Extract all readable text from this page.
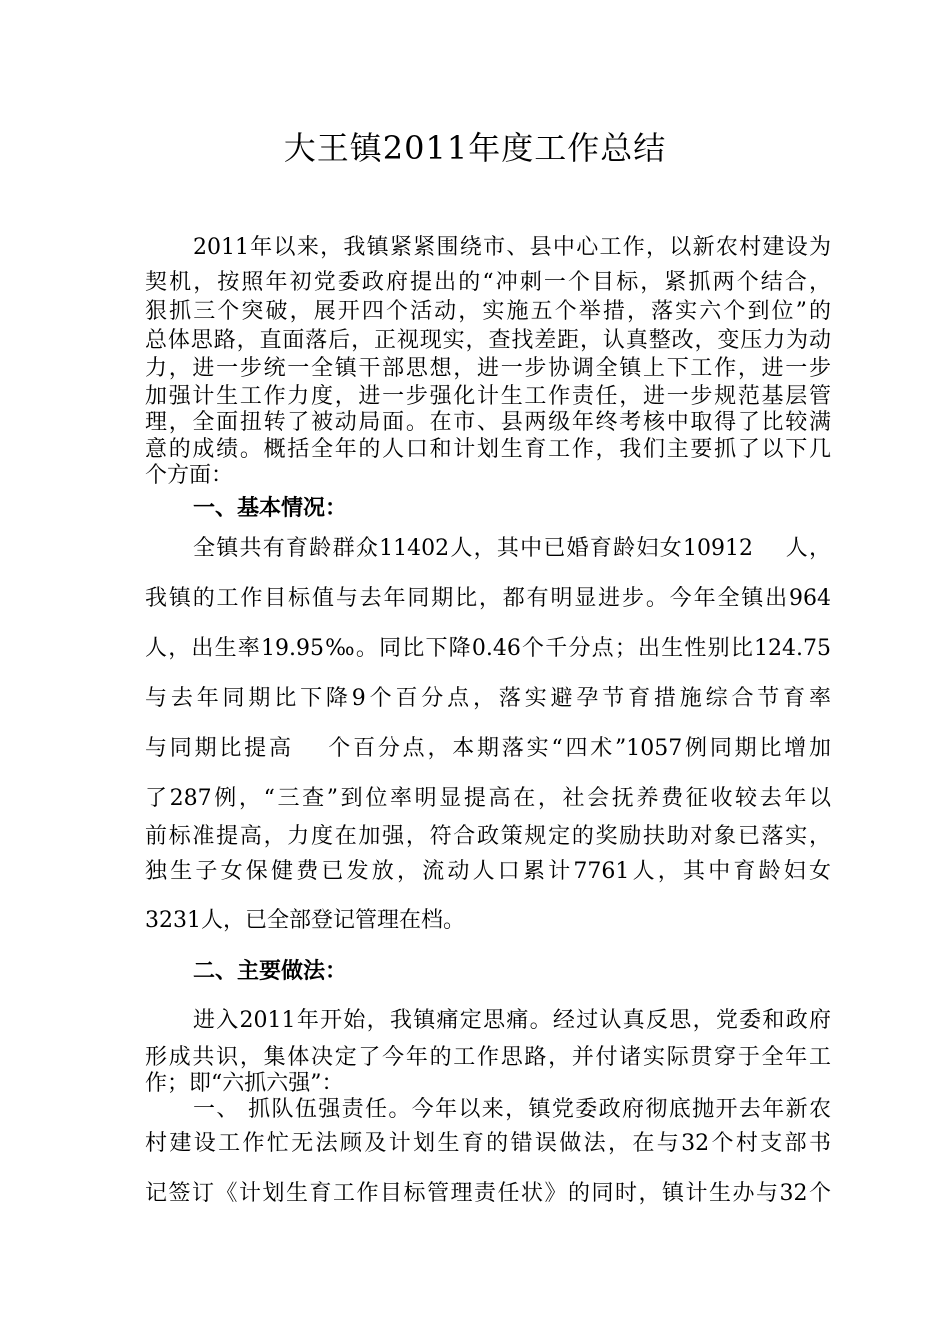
大王镇2011年度工作总结
2011年以来，我镇紧紧围绕市、县中心工作，以新农村建设为
契机，按照年初党委政府提出的“冲刺一个目标，紧抓两个结合，
狠抓三个突破，展开四个活动，实施五个举措，落实六个到位”的
总体思路，直面落后，正视现实，查找差距，认真整改，变压力为动
力，进一步统一全镇干部思想，进一步协调全镇上下工作，进一步
加强计生工作力度，进一步强化计生工作责任，进一步规范基层管
理，全面扭转了被动局面。在市、县两级年终考核中取得了比较满
意的成绩。概括全年的人口和计划生育工作，我们主要抓了以下几
个方面：
一、基本情况：
全镇共有育龄群众11402人，其中已婚育龄妇女10912　 人，
我镇的工作目标值与去年同期比，都有明显进步。今年全镇出964
人，出生率19.95‰。同比下降0.46个千分点；出生性别比124.75
与去年同期比下降9个百分点，落实避孕节育措施综合节育率
与同期比提高　 个百分点，本期落实“四术”1057例同期比增加
了287例，“三查”到位率明显提高在，社会抚养费征收较去年以
前标准提高，力度在加强，符合政策规定的奖励扶助对象已落实，
独生子女保健费已发放，流动人口累计7761人，其中育龄妇女
3231人，已全部登记管理在档。
二、主要做法：
进入2011年开始，我镇痛定思痛。经过认真反思，党委和政府
形成共识，集体决定了今年的工作思路，并付诸实际贯穿于全年工
作；即“六抓六强”：
一、 抓队伍强责任。今年以来，镇党委政府彻底抛开去年新农
村建设工作忙无法顾及计划生育的错误做法，在与32个村支部书
记签订《计划生育工作目标管理责任状》的同时，镇计生办与32个
